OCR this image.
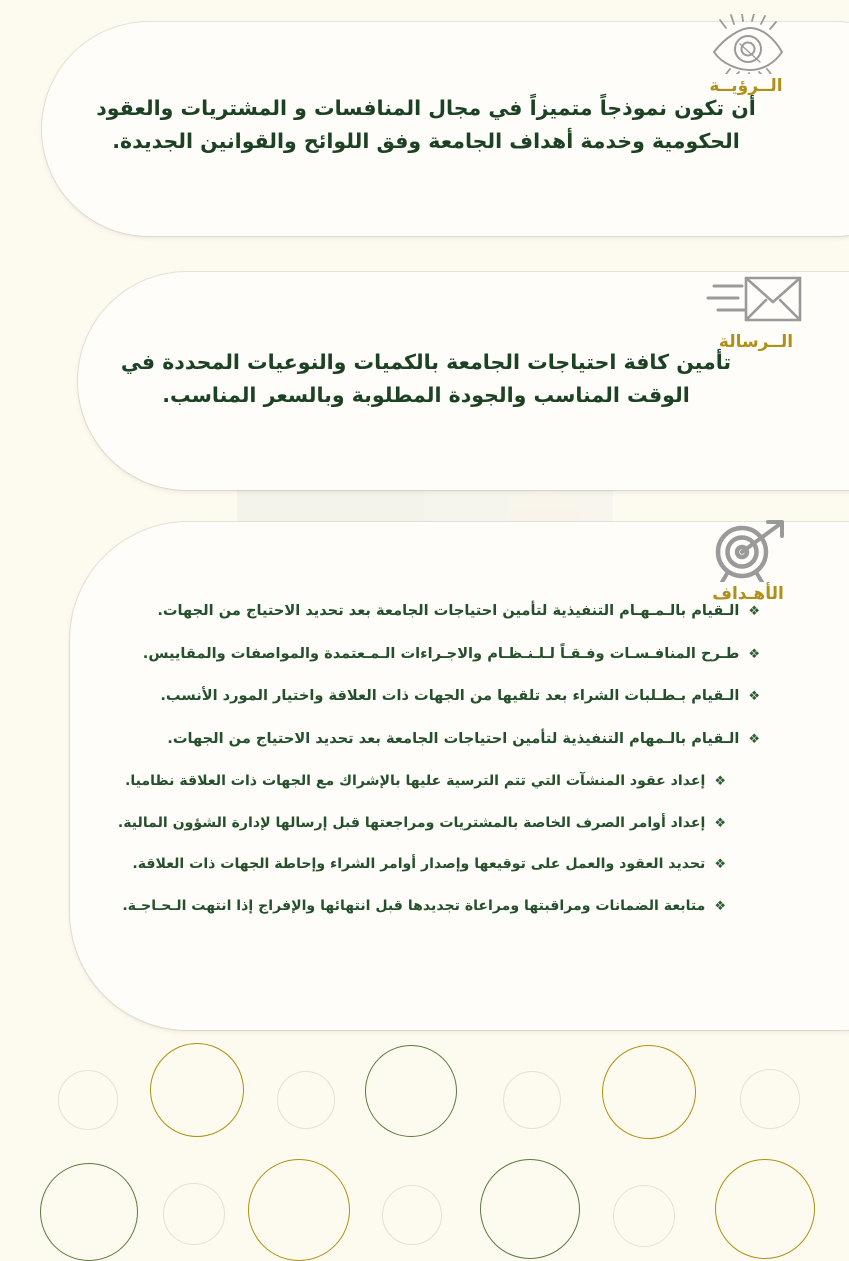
الــرؤيــة
أن تكون نموذجاً متميزاً في مجال المنافسات و المشتريات والعقود الحكومية وخدمة أهداف الجامعة وفق اللوائح والقوانين الجديدة.
الــرسالة
تأمين كافة احتياجات الجامعة بالكميات والنوعيات المحددة في الوقت المناسب والجودة المطلوبة وبالسعر المناسب.
الأهـداف
❖
الـقيام بالـمـهـام التنفيذية لتأمين احتياجات الجامعة بعد تحديد الاحتياج من الجهات.
❖
طـرح المنافـسـات وفـقـاً لـلـنـظـام والاجـراءات الـمـعتمدة والمواصفات والمقاييس.
❖
الـقيام بـطـلبات الشراء بعد تلقيها من الجهات ذات العلاقة واختيار المورد الأنسب.
❖
الـقيام بالـمهام التنفيذية لتأمين احتياجات الجامعة بعد تحديد الاحتياج من الجهات.
❖
إعداد عقود المنشآت التي تتم الترسية عليها بالإشراك مع الجهات ذات العلاقة نظاميا.
❖
إعداد أوامر الصرف الخاصة بالمشتريات ومراجعتها قبل إرسالها لإدارة الشؤون المالية.
❖
تحديد العقود والعمل على توقيعها وإصدار أوامر الشراء وإحاطة الجهات ذات العلاقة.
❖
متابعة الضمانات ومراقبتها ومراعاة تجديدها قبل انتهائها والإفراج إذا انتهت الـحـاجـة.
